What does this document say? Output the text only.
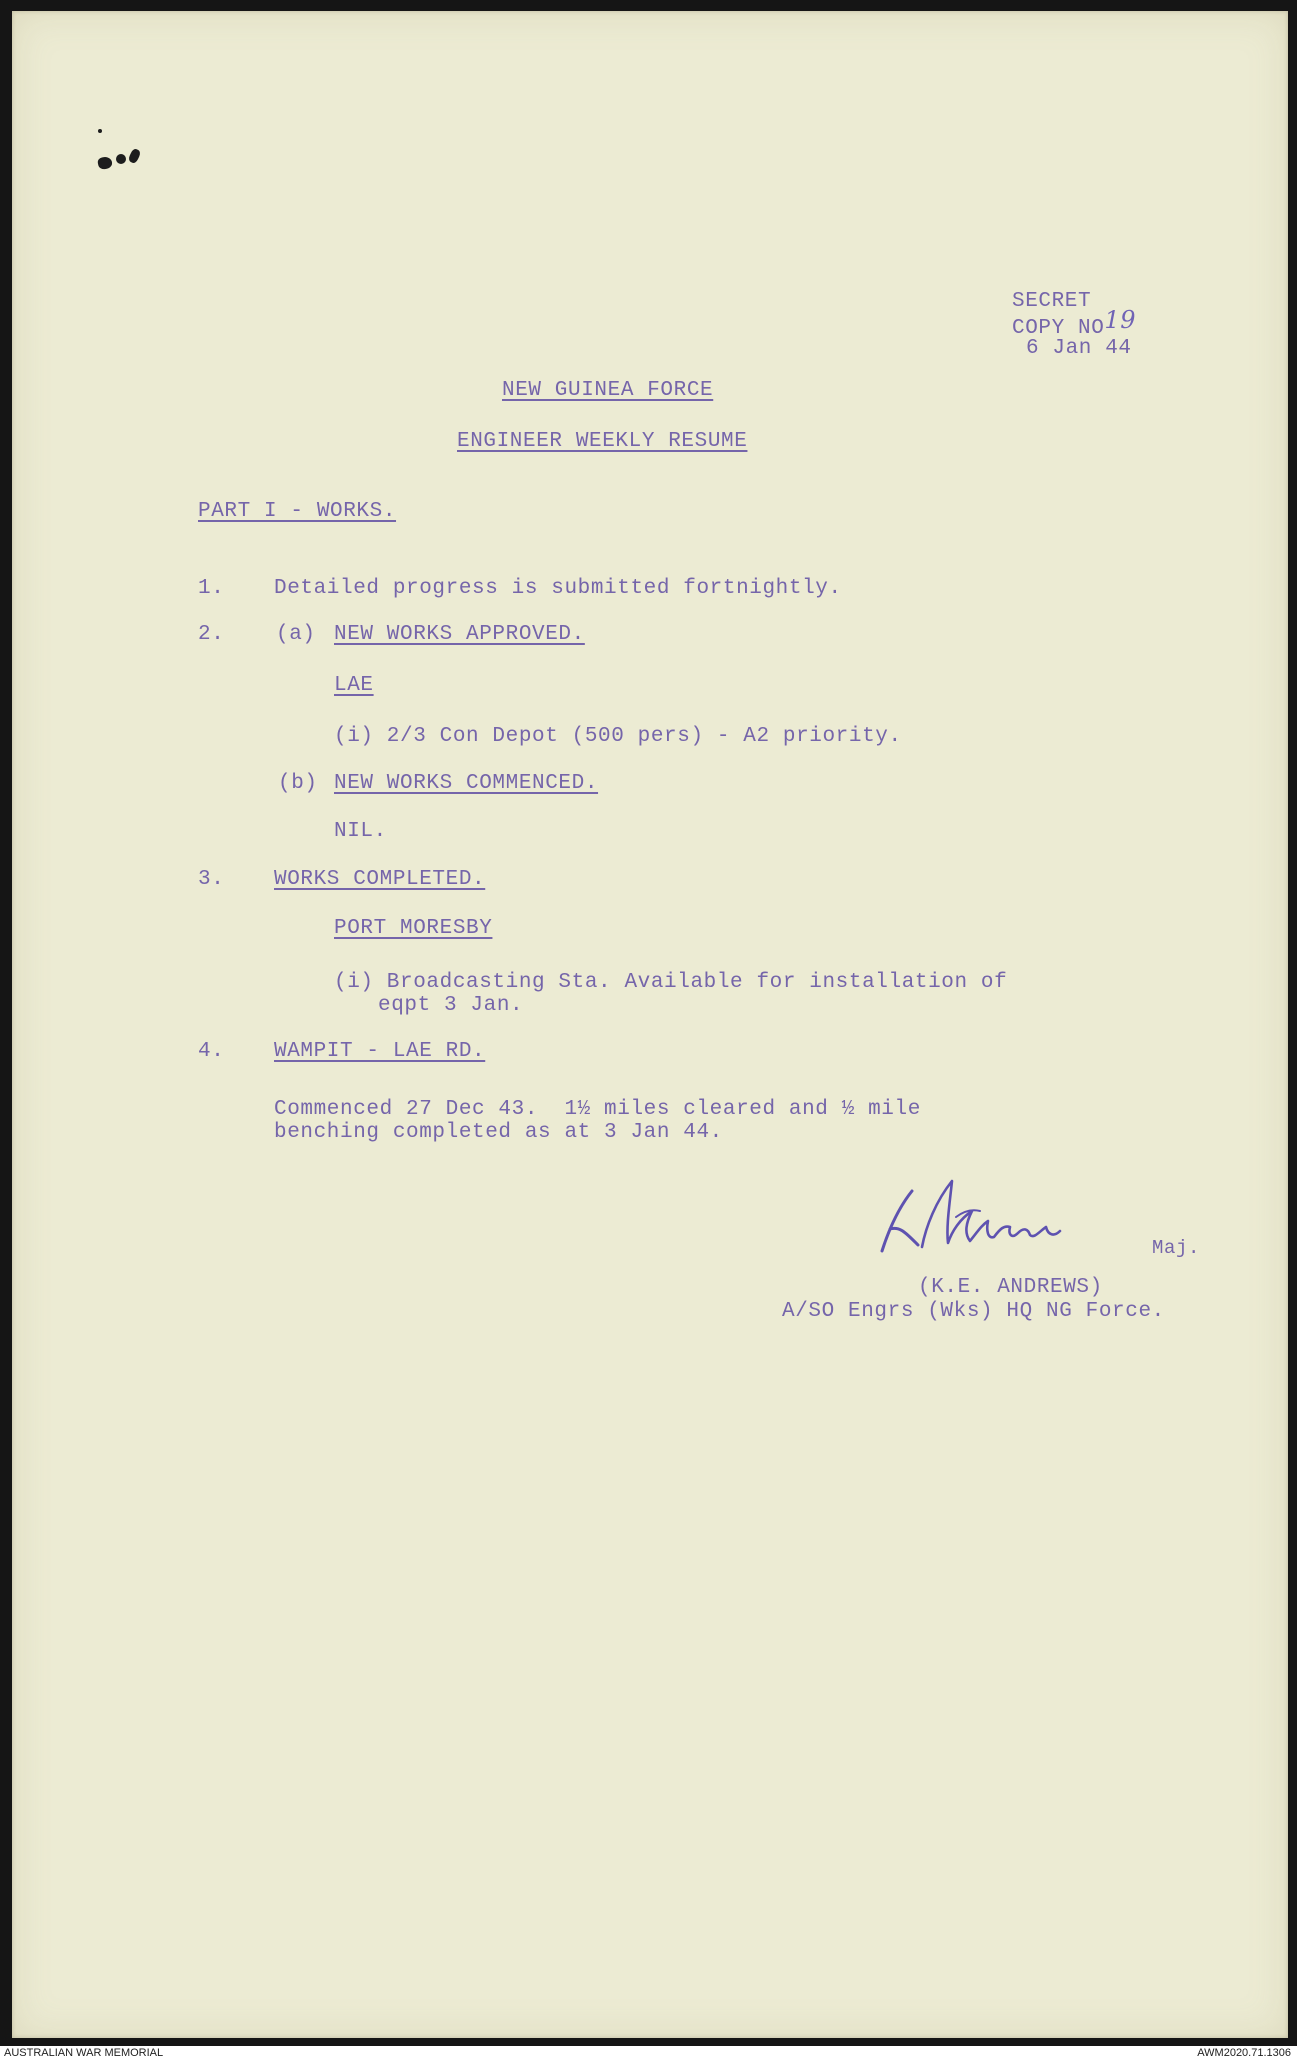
SECRET
COPY NO19
6 Jan 44
NEW GUINEA FORCE
ENGINEER WEEKLY RESUME
PART I - WORKS.
1. Detailed progress is submitted fortnightly.
2. (a) NEW WORKS APPROVED.
LAE
(i) 2/3 Con Depot (500 pers) - A2 priority.
(b) NEW WORKS COMMENCED.
NIL.
3. WORKS COMPLETED.
PORT MORESBY
(i) Broadcasting Sta. Available for installation of
eqpt 3 Jan.
4. WAMPIT - LAE RD.
Commenced 27 Dec 43.  1½ miles cleared and ½ mile
benching completed as at 3 Jan 44.
Maj.
(K.E. ANDREWS)
A/SO Engrs (Wks) HQ NG Force.
AUSTRALIAN WAR MEMORIAL	AWM2020.71.1306
